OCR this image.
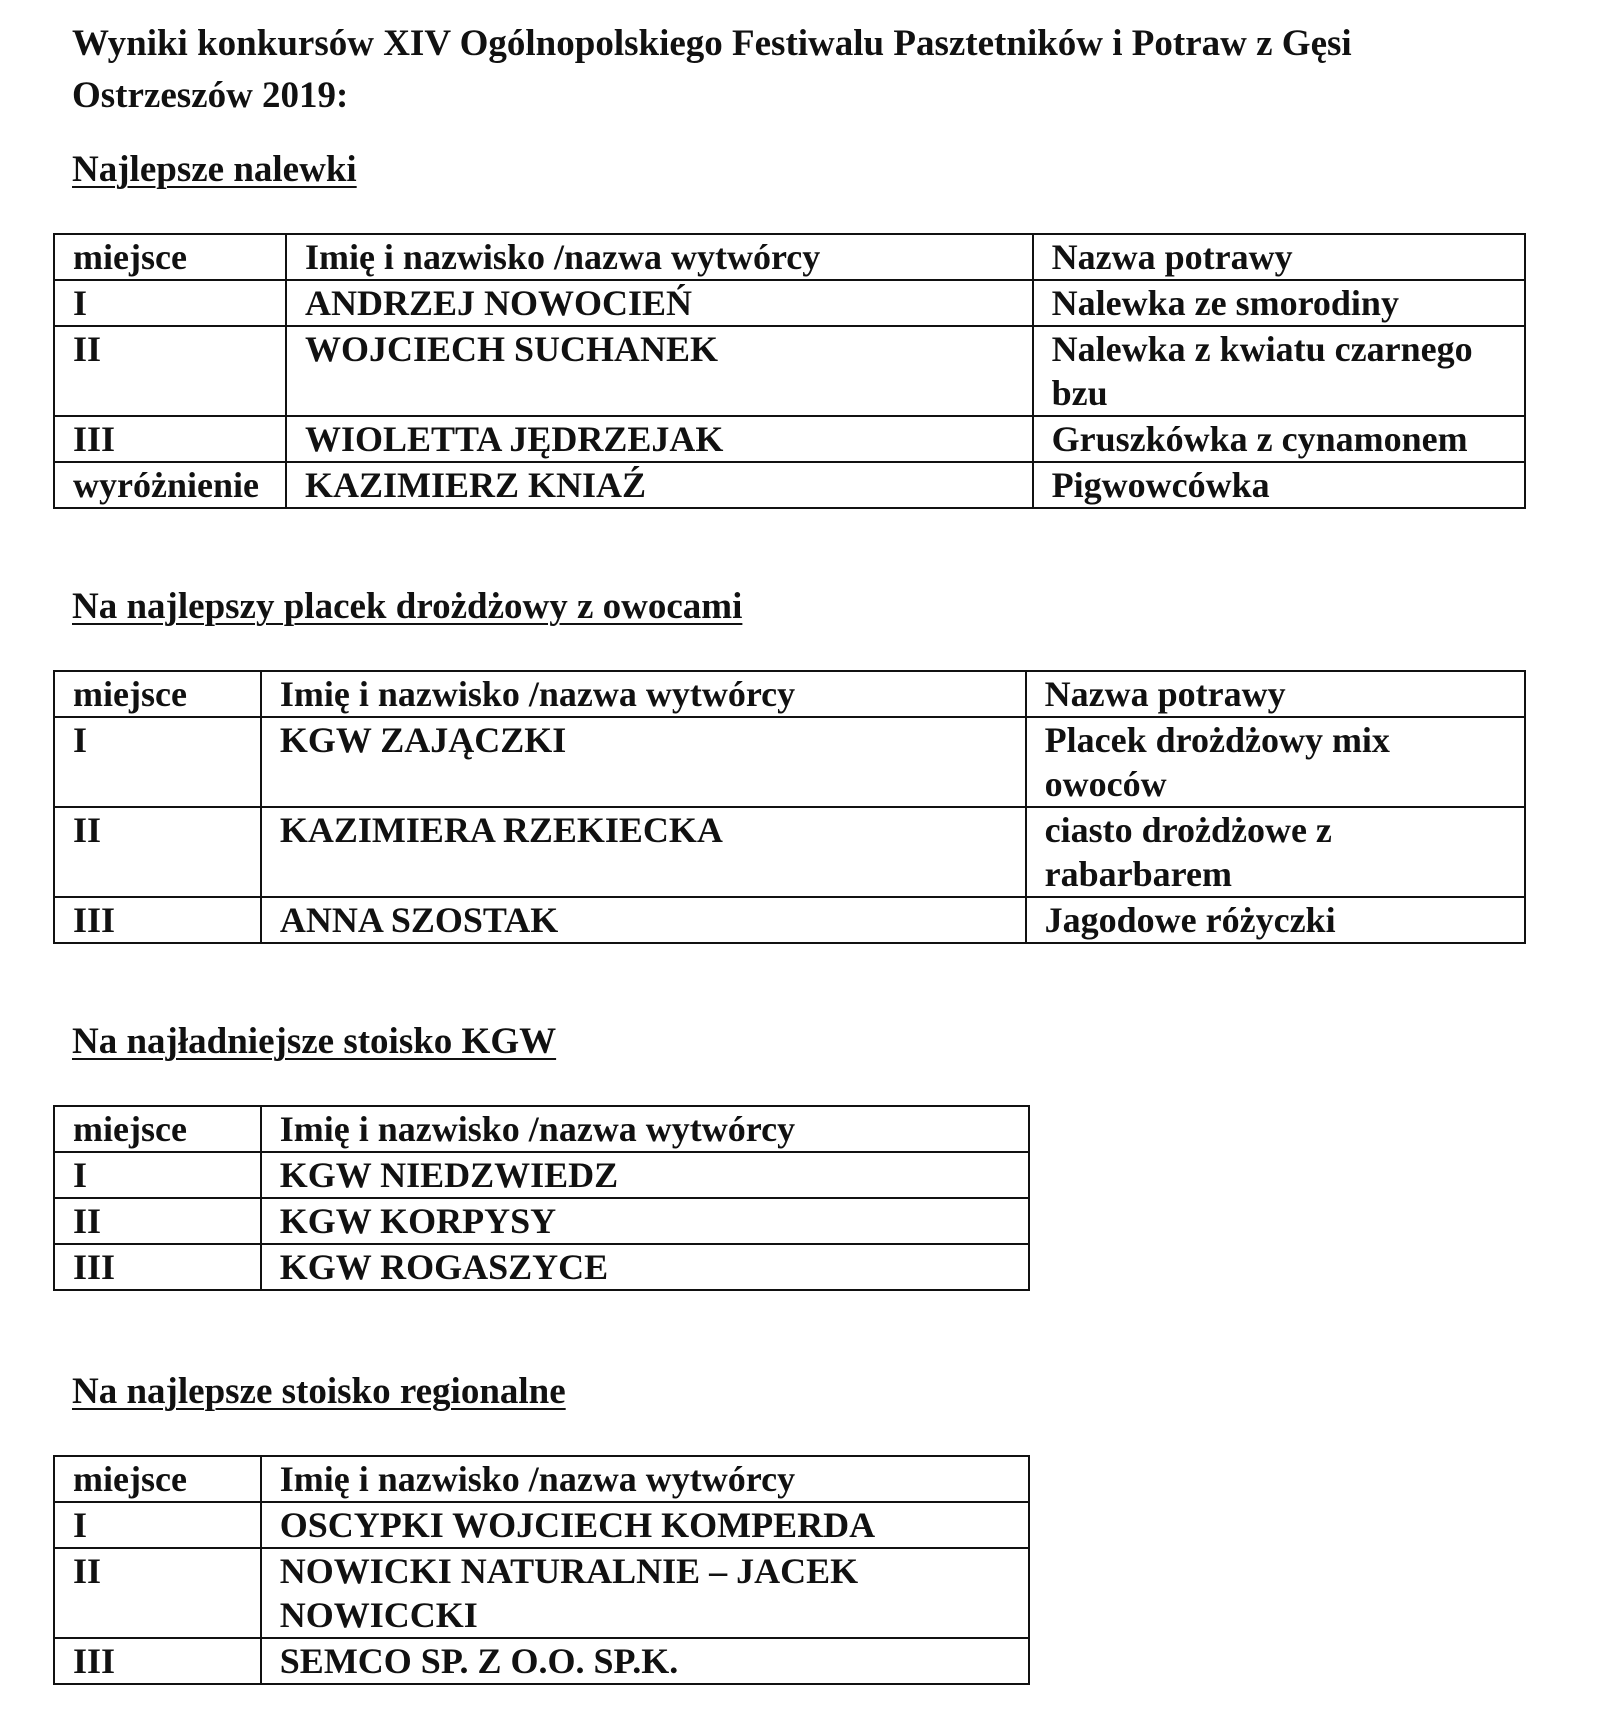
Wyniki konkursów XIV Ogólnopolskiego Festiwalu Pasztetników i Potraw z Gęsi Ostrzeszów 2019:
Najlepsze nalewki
miejsce	Imię i nazwisko /nazwa wytwórcy	Nazwa potrawy
I	ANDRZEJ NOWOCIEŃ	Nalewka ze smorodiny
II	WOJCIECH SUCHANEK	Nalewka z kwiatu czarnego bzu
III	WIOLETTA JĘDRZEJAK	Gruszkówka z cynamonem
wyróżnienie	KAZIMIERZ KNIAŹ	Pigwowcówka
Na najlepszy placek drożdżowy z owocami
miejsce	Imię i nazwisko /nazwa wytwórcy	Nazwa potrawy
I	KGW ZAJĄCZKI	Placek drożdżowy mix owoców
II	KAZIMIERA RZEKIECKA	ciasto drożdżowe z rabarbarem
III	ANNA SZOSTAK	Jagodowe różyczki
Na najładniejsze stoisko KGW
miejsce	Imię i nazwisko /nazwa wytwórcy
I	KGW NIEDZWIEDZ
II	KGW KORPYSY
III	KGW ROGASZYCE
Na najlepsze stoisko regionalne
miejsce	Imię i nazwisko /nazwa wytwórcy
I	OSCYPKI WOJCIECH KOMPERDA
II	NOWICKI NATURALNIE – JACEK NOWICCKI
III	SEMCO SP. Z O.O. SP.K.
